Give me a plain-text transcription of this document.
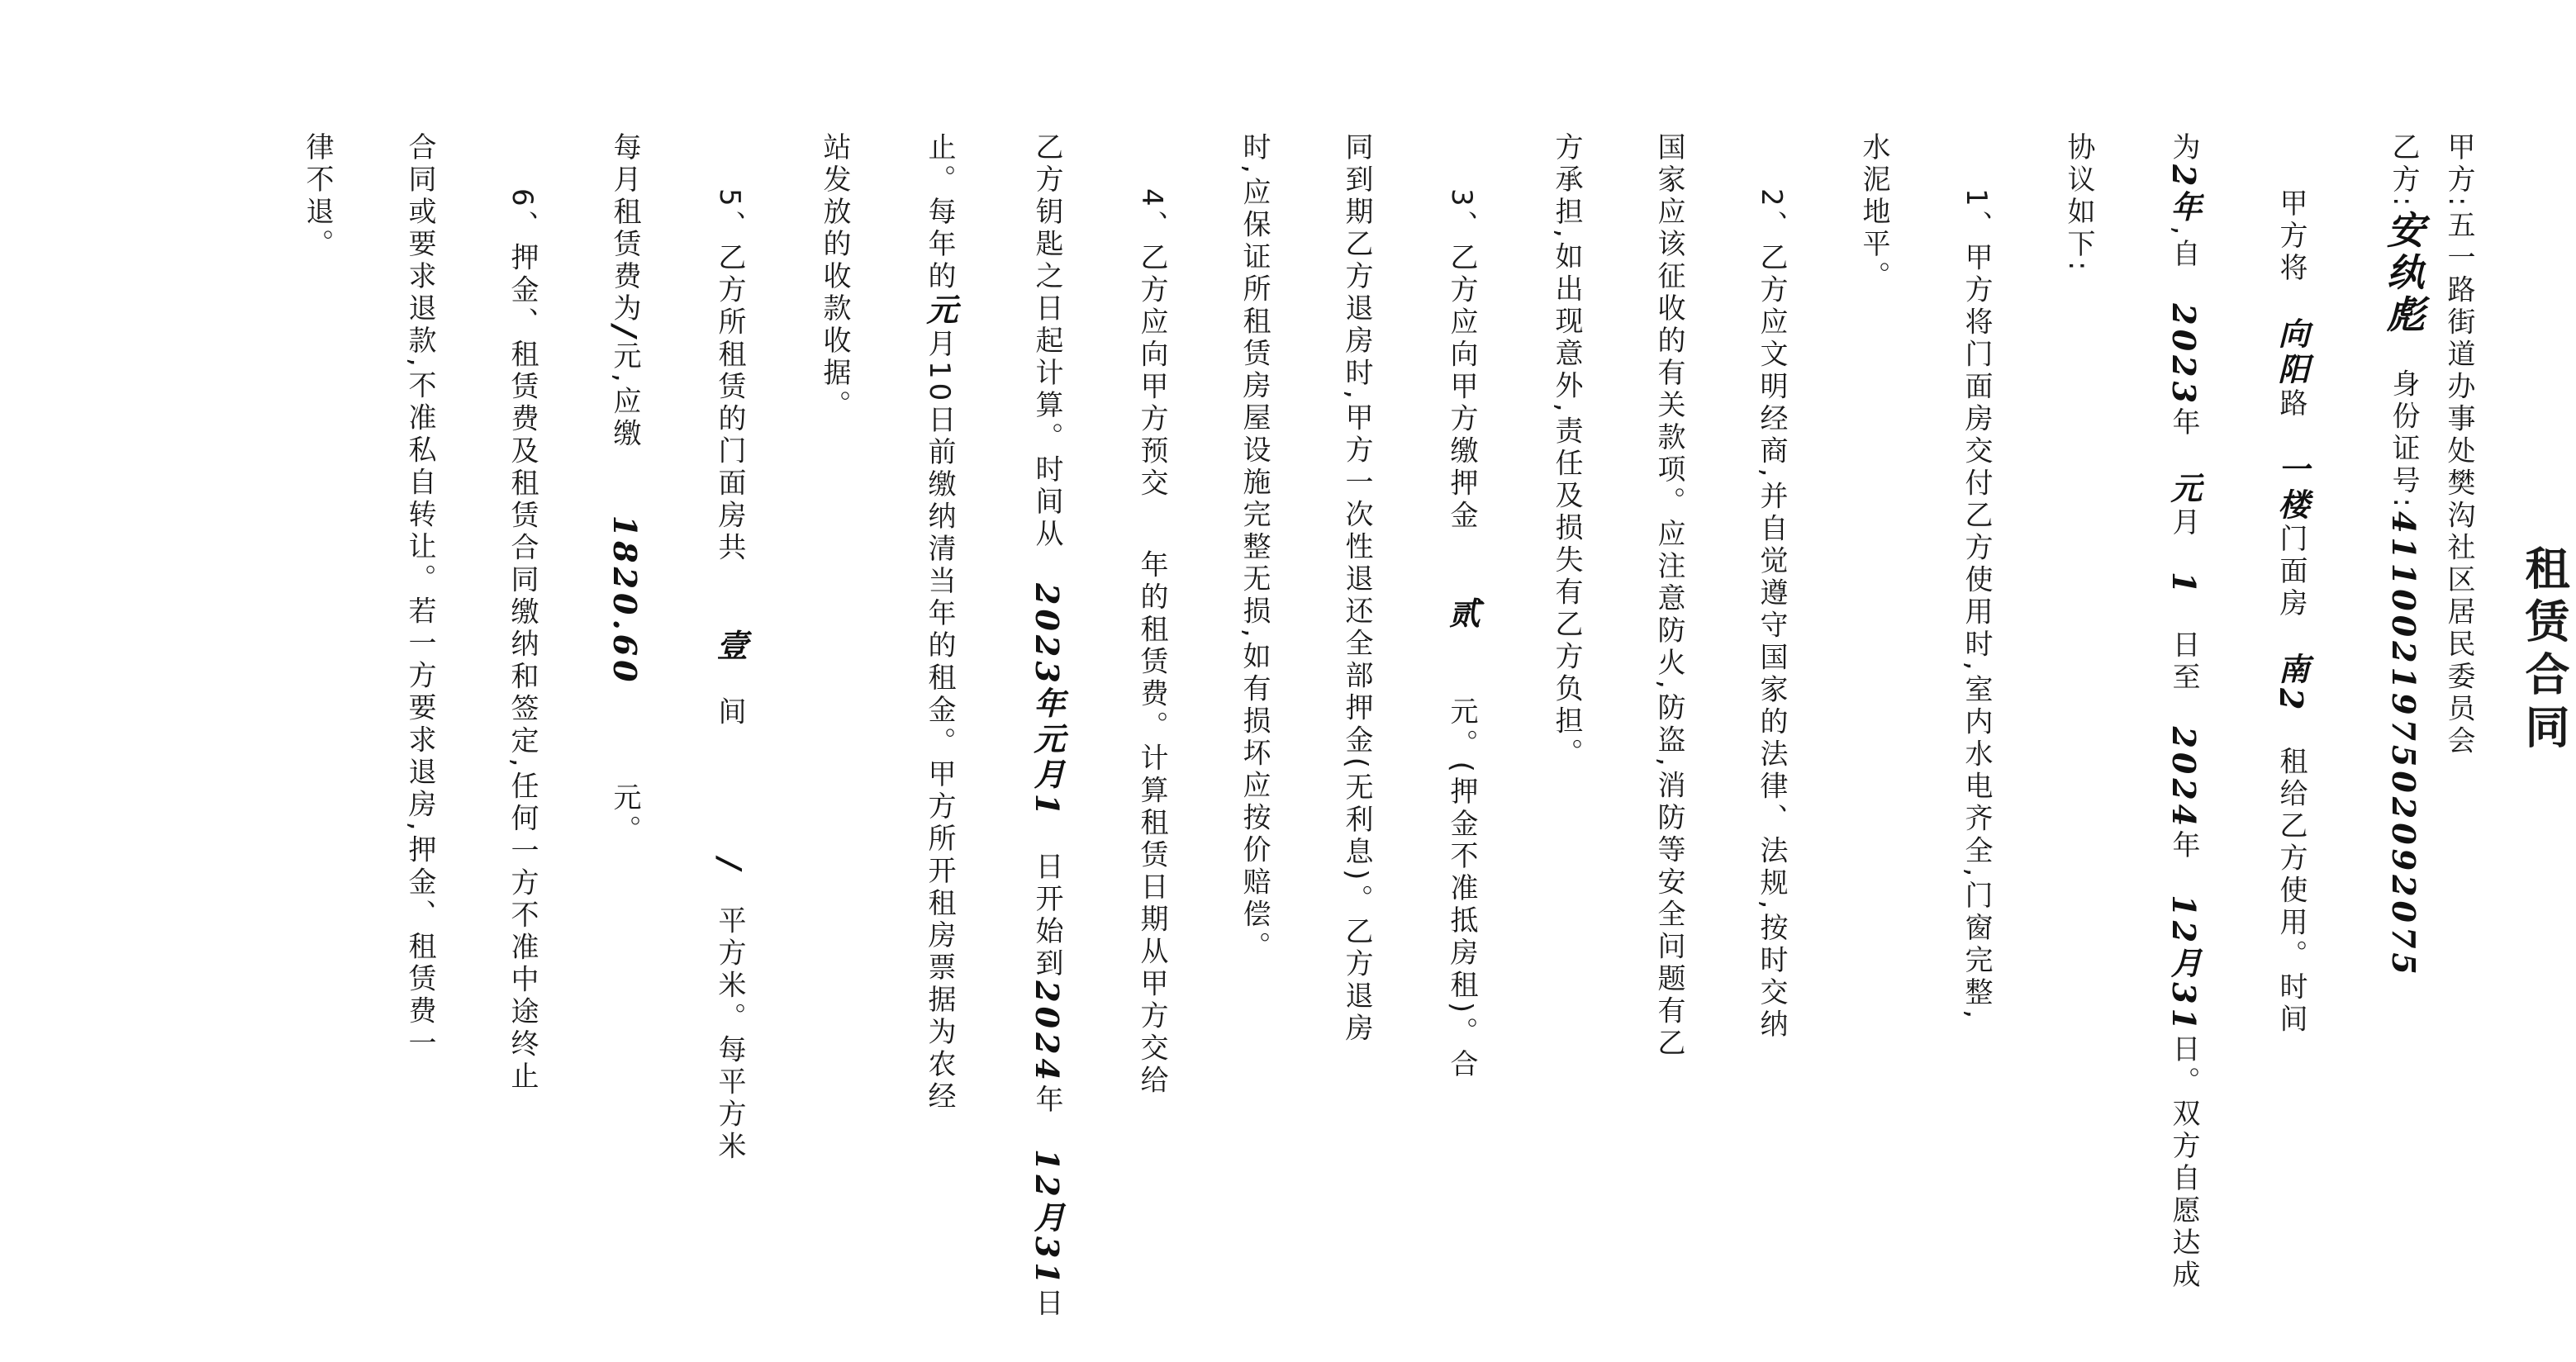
租赁合同
甲方:五一路街道办事处樊沟社区居民委员会
乙方:安纨彪　身份证号:411002197502092075
甲方将　向阳路　一楼门面房　南2　租给乙方使用。时间
为2年,自　2023年　元月　1　日至　2024年　12月31日。双方自愿达成
协议如下:
1、甲方将门面房交付乙方使用时,室内水电齐全,门窗完整,
水泥地平。
2、乙方应文明经商,并自觉遵守国家的法律、法规,按时交纳
国家应该征收的有关款项。应注意防火,防盗,消防等安全问题有乙
方承担,如出现意外,责任及损失有乙方负担。
3、乙方应向甲方缴押金　　贰　　元。(押金不准抵房租)。合
同到期乙方退房时,甲方一次性退还全部押金(无利息)。乙方退房
时,应保证所租赁房屋设施完整无损,如有损坏应按价赔偿。
4、乙方应向甲方预交年的租赁费。计算租赁日期从甲方交给
乙方钥匙之日起计算。时间从　2023年元月1　日开始到2024年　12月31日
止。每年的元月10日前缴纳清当年的租金。甲方所开租房票据为农经
站发放的收款收据。
5、乙方所租赁的门面房共　　壹　间　　　　/　平方米。每平方米
每月租赁费为/元,应缴　　1820.60　　　元。
6、押金、租赁费及租赁合同缴纳和签定,任何一方不准中途终止
合同或要求退款,不准私自转让。若一方要求退房,押金、租赁费一
律不退。
